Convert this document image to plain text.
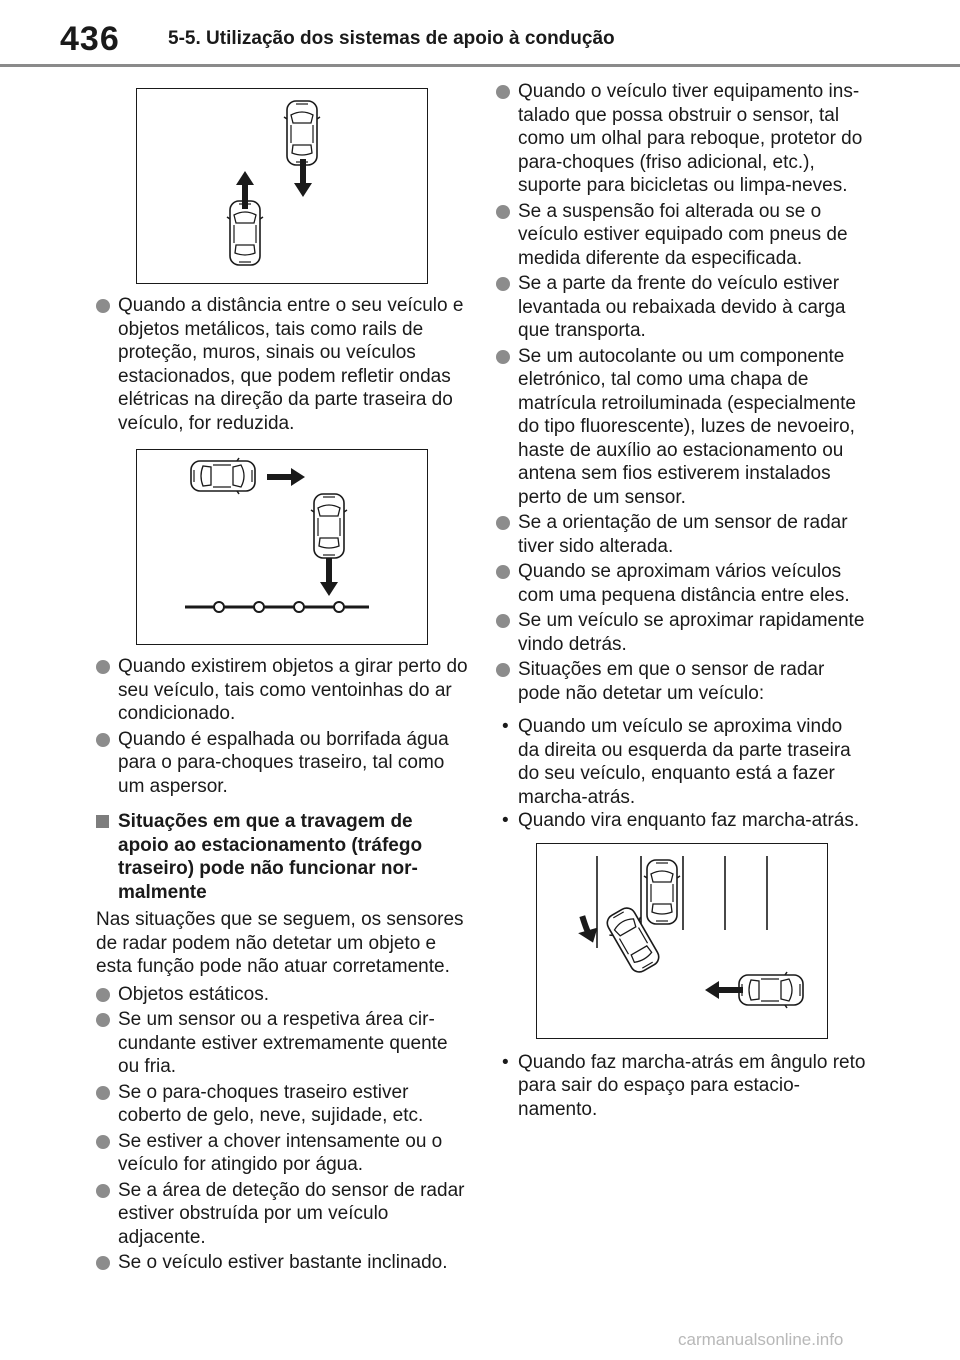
436	5-5. Utilização dos sistemas de apoio à condução
Quando a distância entre o seu veículo e objetos metálicos, tais como rails de proteção, muros, sinais ou veículos estacionados, que podem refletir ondas elétricas na direção da parte traseira do veículo, for reduzida.
Quando existirem objetos a girar perto do seu veículo, tais como ventoinhas do ar condicionado.
Quando é espalhada ou borrifada água para o para-choques traseiro, tal como um aspersor.
Situações em que a travagem de apoio ao estacionamento (tráfego traseiro) pode não funcionar normalmente
Nas situações que se seguem, os sensores de radar podem não detetar um objeto e esta função pode não atuar corretamente.
Objetos estáticos.
Se um sensor ou a respetiva área circundante estiver extremamente quente ou fria.
Se o para-choques traseiro estiver coberto de gelo, neve, sujidade, etc.
Se estiver a chover intensamente ou o veículo for atingido por água.
Se a área de deteção do sensor de radar estiver obstruída por um veículo adjacente.
Se o veículo estiver bastante inclinado.
Quando o veículo tiver equipamento instalado que possa obstruir o sensor, tal como um olhal para reboque, protetor do para-choques (friso adicional, etc.), suporte para bicicletas ou limpa-neves.
Se a suspensão foi alterada ou se o veículo estiver equipado com pneus de medida diferente da especificada.
Se a parte da frente do veículo estiver levantada ou rebaixada devido à carga que transporta.
Se um autocolante ou um componente eletrónico, tal como uma chapa de matrícula retroiluminada (especialmente do tipo fluorescente), luzes de nevoeiro, haste de auxílio ao estacionamento ou antena sem fios estiverem instalados perto de um sensor.
Se a orientação de um sensor de radar tiver sido alterada.
Quando se aproximam vários veículos com uma pequena distância entre eles.
Se um veículo se aproximar rapidamente vindo detrás.
Situações em que o sensor de radar pode não detetar um veículo:
• Quando um veículo se aproxima vindo da direita ou esquerda da parte traseira do seu veículo, enquanto está a fazer marcha-atrás.
• Quando vira enquanto faz marcha-atrás.
• Quando faz marcha-atrás em ângulo reto para sair do espaço para estacionamento.
carmanualsonline.info
